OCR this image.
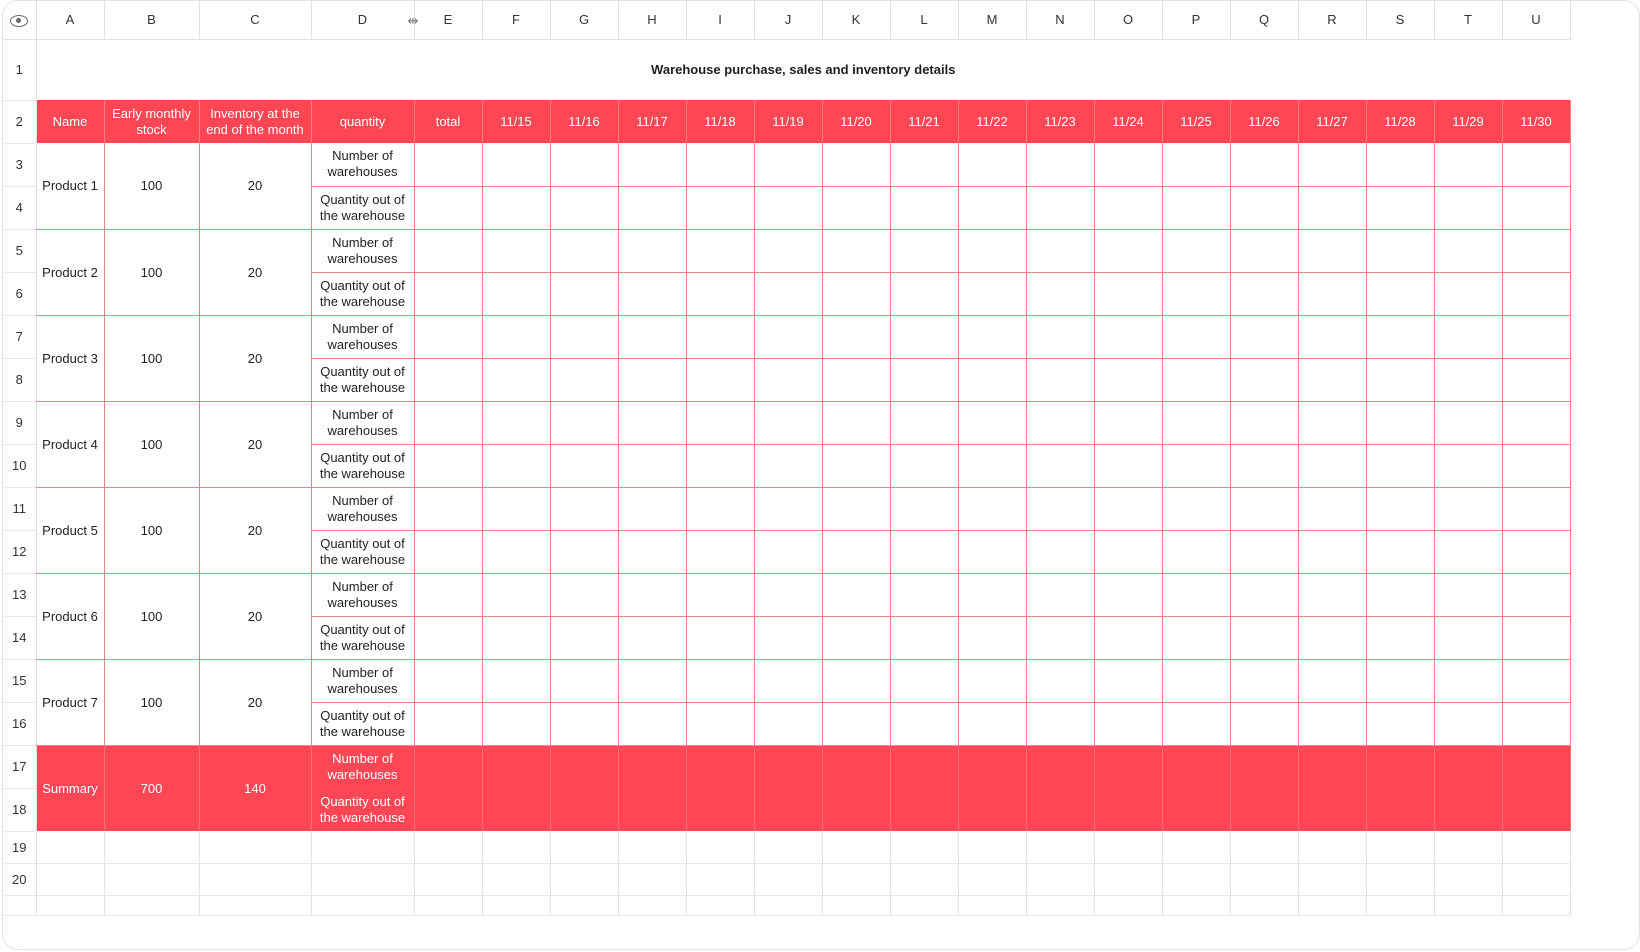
	A	B	C	D	E	F	G	H	I	J	K	L	M	N	O	P	Q	R	S	T	U
1	Warehouse purchase, sales and inventory details																				
2	Name	Early monthly stock	Inventory at the end of the month	quantity	total	11/15	11/16	11/17	11/18	11/19	11/20	11/21	11/22	11/23	11/24	11/25	11/26	11/27	11/28	11/29	11/30
3	Product 1	100	20	Number of warehouses																	
4				Quantity out of the warehouse																	
5	Product 2	100	20	Number of warehouses																	
6				Quantity out of the warehouse																	
7	Product 3	100	20	Number of warehouses																	
8				Quantity out of the warehouse																	
9	Product 4	100	20	Number of warehouses																	
10				Quantity out of the warehouse																	
11	Product 5	100	20	Number of warehouses																	
12				Quantity out of the warehouse																	
13	Product 6	100	20	Number of warehouses																	
14				Quantity out of the warehouse																	
15	Product 7	100	20	Number of warehouses																	
16				Quantity out of the warehouse																	
17	Summary	700	140	Number of warehouses																	
18				Quantity out of the warehouse																	
19																					
20																					

⇹
